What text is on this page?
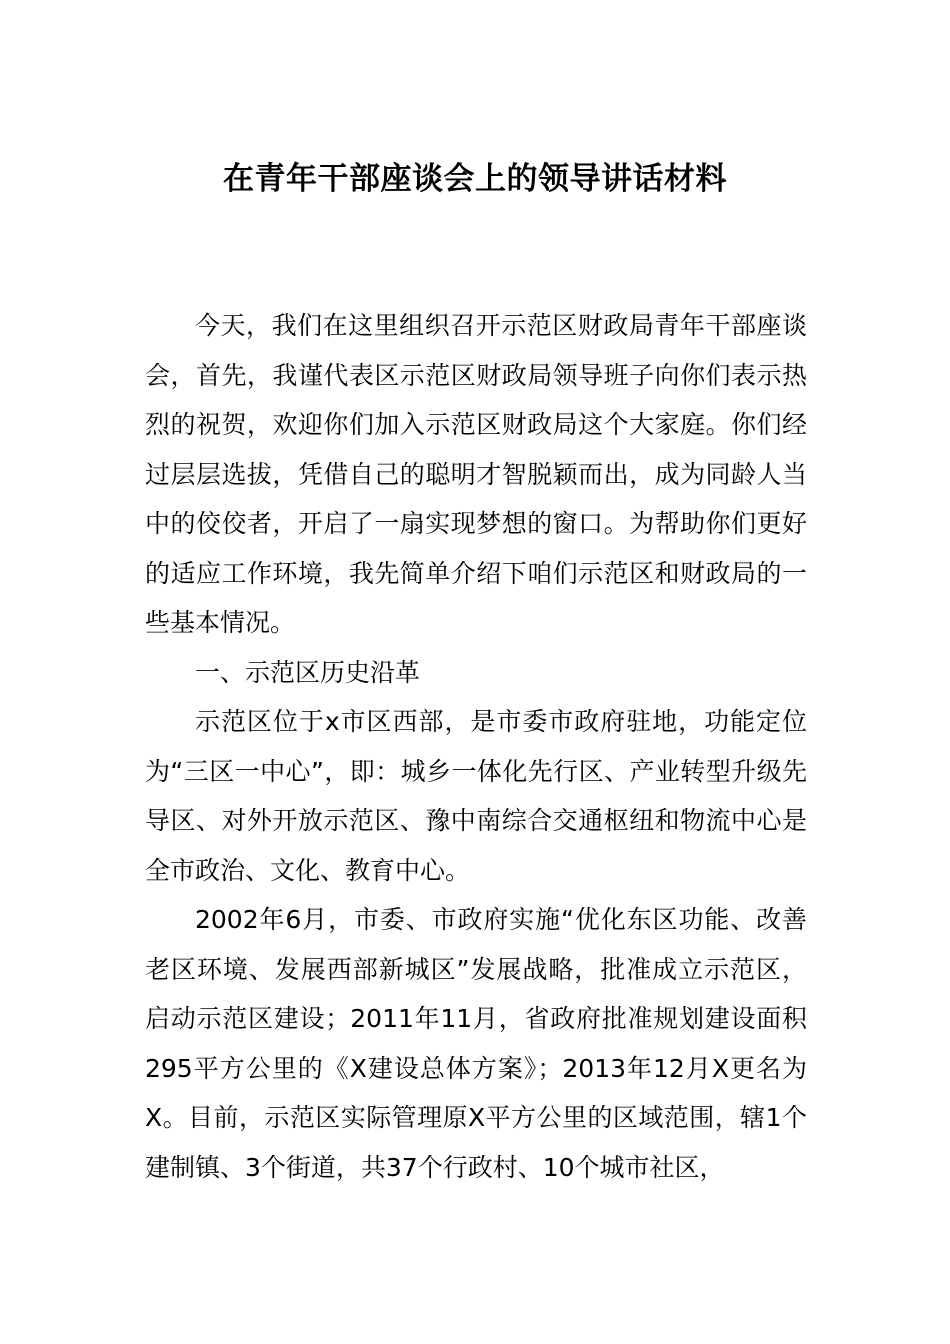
在青年干部座谈会上的领导讲话材料

今天，我们在这里组织召开示范区财政局青年干部座谈会，首先，我谨代表区示范区财政局领导班子向你们表示热烈的祝贺，欢迎你们加入示范区财政局这个大家庭。你们经过层层选拔，凭借自己的聪明才智脱颖而出，成为同龄人当中的佼佼者，开启了一扇实现梦想的窗口。为帮助你们更好的适应工作环境，我先简单介绍下咱们示范区和财政局的一些基本情况。

一、示范区历史沿革

示范区位于x市区西部，是市委市政府驻地，功能定位为“三区一中心”，即：城乡一体化先行区、产业转型升级先导区、对外开放示范区、豫中南综合交通枢纽和物流中心是全市政治、文化、教育中心。

2002年6月，市委、市政府实施“优化东区功能、改善老区环境、发展西部新城区”发展战略，批准成立示范区，启动示范区建设；2011年11月，省政府批准规划建设面积295平方公里的《X建设总体方案》；2013年12月X更名为X。目前，示范区实际管理原X平方公里的区域范围，辖1个建制镇、3个街道，共37个行政村、10个城市社区，
